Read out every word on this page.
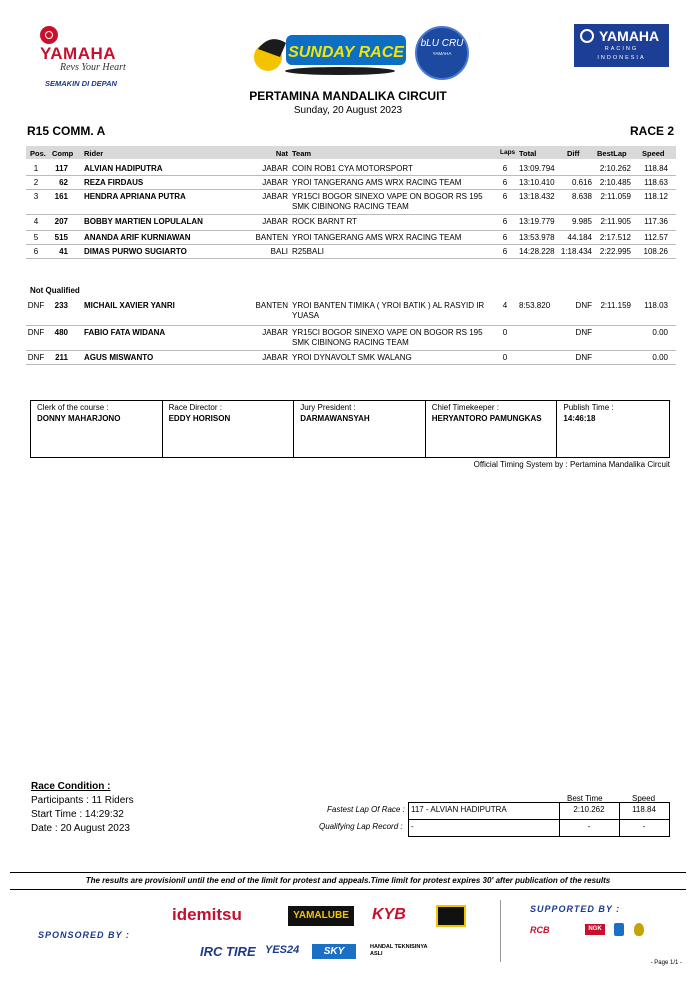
YAMAHA
Revs Your Heart
SEMAKIN DI DEPAN
SUNDAY RACE
bLU CRU
YAMAHA
YAMAHA
RACING
INDONESIA
PERTAMINA MANDALIKA CIRCUIT
Sunday, 20 August 2023
R15 COMM. A	RACE 2
Pos. Comp Rider	Nat Team	Laps Total	Diff BestLap Speed
1	117 ALVIAN HADIPUTRA	JABAR COIN ROB1 CYA MOTORSPORT	6	13:09.794	2:10.262	118.84
2	62 REZA FIRDAUS	JABAR YROI TANGERANG AMS WRX RACING TEAM	6	13:10.410	0.616 2:10.485	118.63
3	161 HENDRA APRIANA PUTRA	JABAR YR15CI BOGOR SINEXO VAPE ON BOGOR RS 195
SMK CIBINONG RACING TEAM
6	13:18.432	8.638	2:11.059	118.12
4	207 BOBBY MARTIEN LOPULALAN	JABAR ROCK BARNT RT	6	13:19.779	9.985	2:11.905	117.36
5	515 ANANDA ARIF KURNIAWAN	BANTEN YROI TANGERANG AMS WRX RACING TEAM	6	13:53.978	44.184 2:17.512	112.57
6	41 DIMAS PURWO SUGIARTO	BALI R25BALI	6	14:28.228 1:18.434 2:22.995	108.26
Not Qualified
DNF	233 MICHAIL XAVIER YANRI	BANTEN YROI BANTEN TIMIKA ( YROI BATIK ) AL RASYID IR
YUASA
4	8:53.820	DNF	2:11.159	118.03
DNF	480 FABIO FATA WIDANA	JABAR YR15CI BOGOR SINEXO VAPE ON BOGOR RS 195
SMK CIBINONG RACING TEAM
0	DNF	0.00
DNF	211 AGUS MISWANTO	JABAR YROI DYNAVOLT SMK WALANG	0	DNF	0.00
Clerk of the course :
DONNY MAHARJONO
Race Director :
EDDY HORISON
Jury President :
DARMAWANSYAH
Chief Timekeeper :
HERYANTORO PAMUNGKAS
Publish Time :
14:46:18
Official Timing System by : Pertamina Mandalika Circuit
Race Condition :
Participants : 11 Riders
Start Time : 14:29:32
Date : 20 August 2023
Best Time	Speed
Fastest Lap Of Race :
Qualifying Lap Record :
117 - ALVIAN HADIPUTRA	2:10.262	118.84
-	-	-
The results are provisionil until the end of the limit for protest and appeals.Time limit for protest expires 30' after publication of the results
SPONSORED BY :
SUPPORTED BY :
idemitsu	YAMALUBE	KYB
IRC TIRE YES24	SKY	HANDAL TEKNISINYA ASLI
RCB	NGK
- Page 1/1 -
